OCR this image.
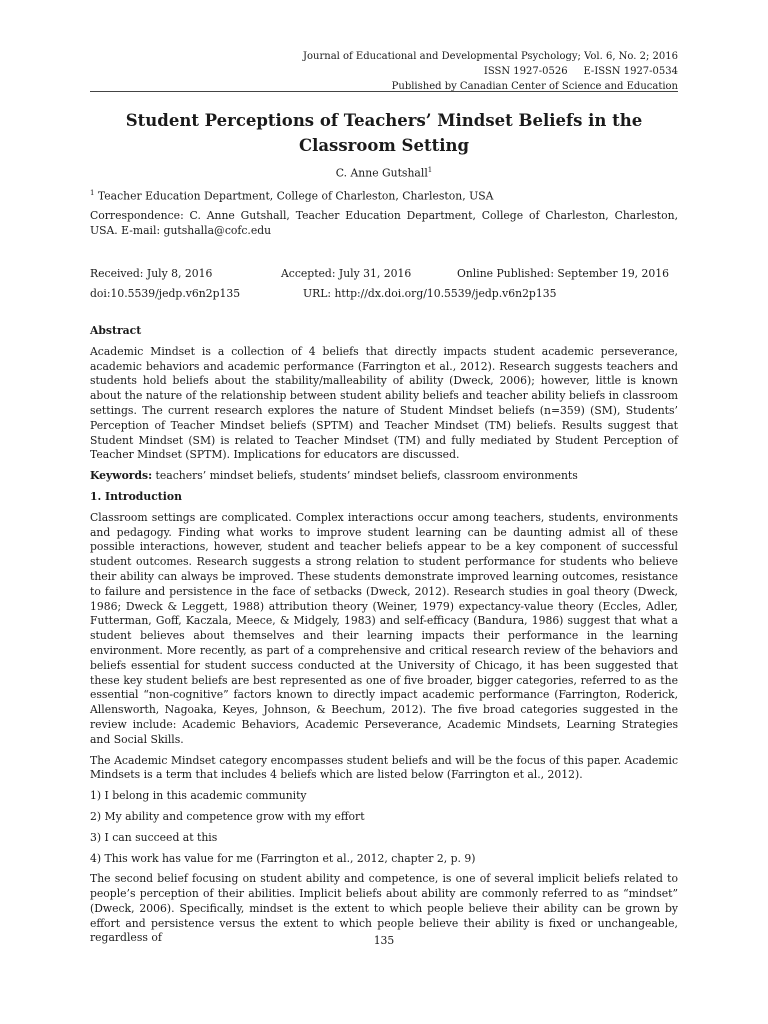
Journal of Educational and Developmental Psychology; Vol. 6, No. 2; 2016
ISSN 1927-0526     E-ISSN 1927-0534
Published by Canadian Center of Science and Education
Student Perceptions of Teachers’ Mindset Beliefs in the Classroom Setting
C. Anne Gutshall$^1$
$^1$ Teacher Education Department, College of Charleston, Charleston, USA
Correspondence: C. Anne Gutshall, Teacher Education Department, College of Charleston, Charleston, USA. E-mail: gutshalla@cofc.edu
Received: July 8, 2016	Accepted: July 31, 2016	Online Published: September 19, 2016
doi:10.5539/jedp.v6n2p135	URL: http://dx.doi.org/10.5539/jedp.v6n2p135
Abstract

Academic Mindset is a collection of 4 beliefs that directly impacts student academic perseverance, academic behaviors and academic performance (Farrington et al., 2012). Research suggests teachers and students hold beliefs about the stability/malleability of ability (Dweck, 2006); however, little is known about the nature of the relationship between student ability beliefs and teacher ability beliefs in classroom settings. The current research explores the nature of Student Mindset beliefs (n=359) (SM), Students’ Perception of Teacher Mindset beliefs (SPTM) and Teacher Mindset (TM) beliefs. Results suggest that Student Mindset (SM) is related to Teacher Mindset (TM) and fully mediated by Student Perception of Teacher Mindset (SPTM). Implications for educators are discussed.

Keywords: teachers’ mindset beliefs, students’ mindset beliefs, classroom environments

1. Introduction

Classroom settings are complicated. Complex interactions occur among teachers, students, environments and pedagogy. Finding what works to improve student learning can be daunting admist all of these possible interactions, however, student and teacher beliefs appear to be a key component of successful student outcomes. Research suggests a strong relation to student performance for students who believe their ability can always be improved. These students demonstrate improved learning outcomes, resistance to failure and persistence in the face of setbacks (Dweck, 2012). Research studies in goal theory (Dweck, 1986; Dweck & Leggett, 1988) attribution theory (Weiner, 1979) expectancy-value theory (Eccles, Adler, Futterman, Goff, Kaczala, Meece, & Midgely, 1983) and self-efficacy (Bandura, 1986) suggest that what a student believes about themselves and their learning impacts their performance in the learning environment. More recently, as part of a comprehensive and critical research review of the behaviors and beliefs essential for student success conducted at the University of Chicago, it has been suggested that these key student beliefs are best represented as one of five broader, bigger categories, referred to as the essential “non-cognitive” factors known to directly impact academic performance (Farrington, Roderick, Allensworth, Nagoaka, Keyes, Johnson, & Beechum, 2012). The five broad categories suggested in the review include: Academic Behaviors, Academic Perseverance, Academic Mindsets, Learning Strategies and Social Skills.

The Academic Mindset category encompasses student beliefs and will be the focus of this paper. Academic Mindsets is a term that includes 4 beliefs which are listed below (Farrington et al., 2012).

1) I belong in this academic community

2) My ability and competence grow with my effort

3) I can succeed at this

4) This work has value for me (Farrington et al., 2012, chapter 2, p. 9)

The second belief focusing on student ability and competence, is one of several implicit beliefs related to people’s perception of their abilities. Implicit beliefs about ability are commonly referred to as “mindset” (Dweck, 2006). Specifically, mindset is the extent to which people believe their ability can be grown by effort and persistence versus the extent to which people believe their ability is fixed or unchangeable, regardless of	135
